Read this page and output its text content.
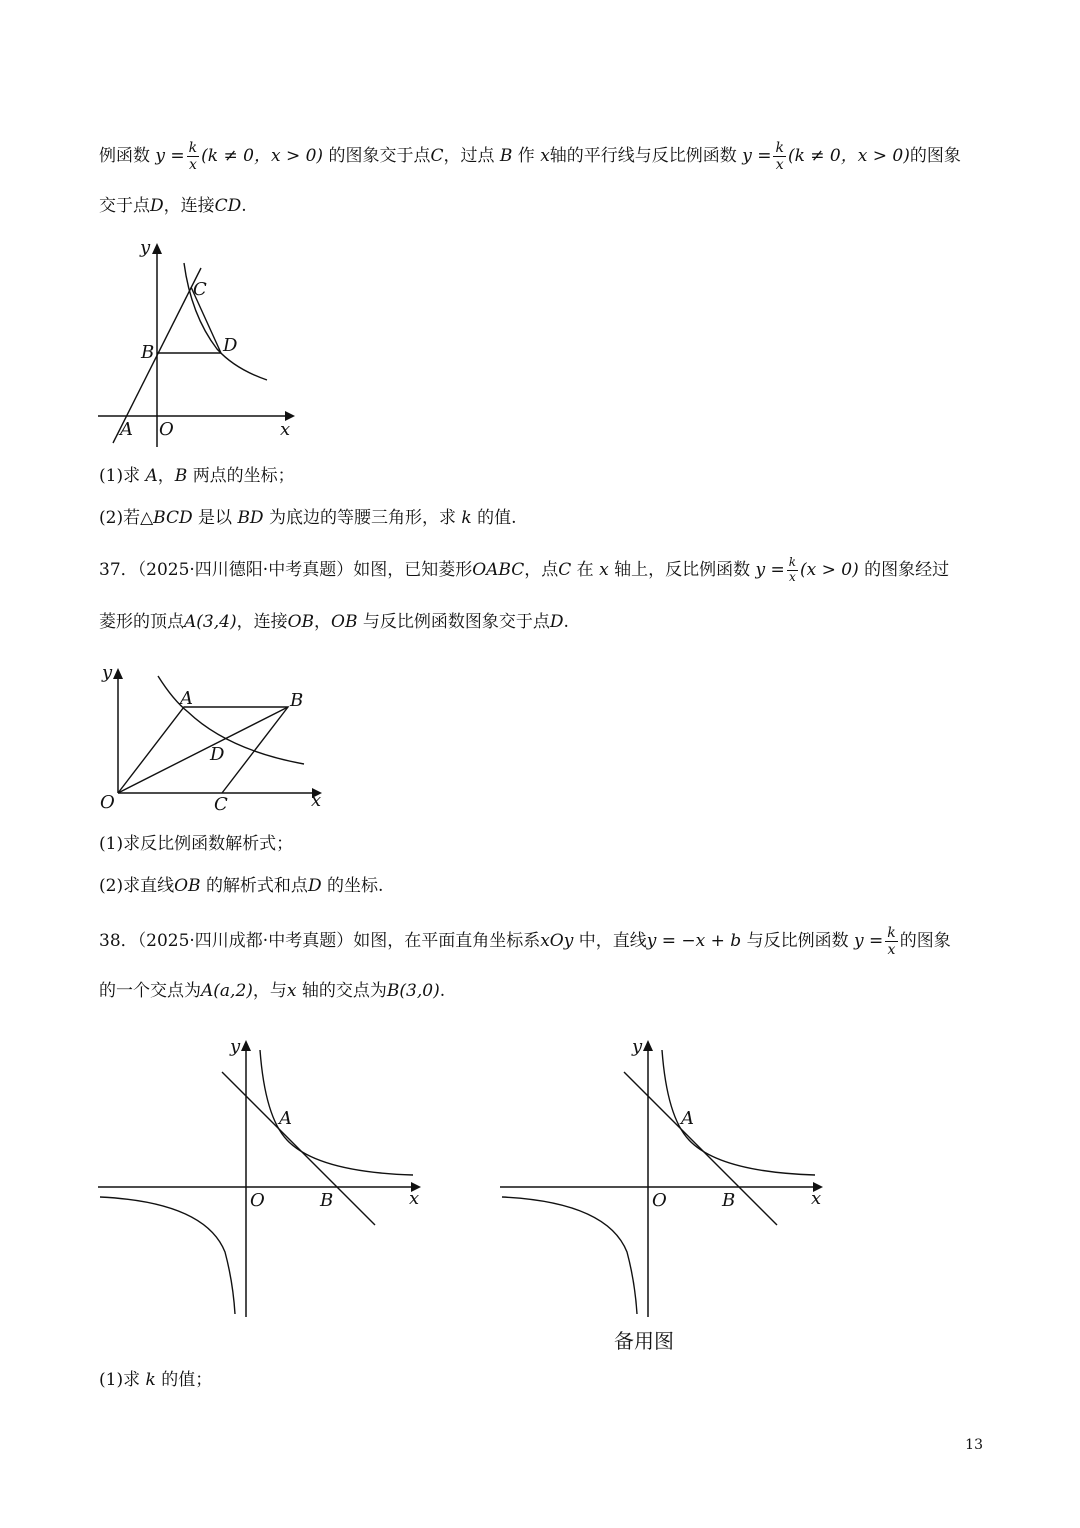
例函数 $y = \frac{k}{x} (k \ne 0$，x > 0) 的图象交于点C，过点 B 作 x轴的平行线与反比例函数 $y = \frac{k}{x} (k \ne 0$，x > 0)的图象
交于点D，连接CD.
y
x
O
A
B
C
D
(1)求 A，B 两点的坐标；
(2)若△BCD 是以 BD 为底边的等腰三角形，求 k 的值.
37．（2025·四川德阳·中考真题）如图，已知菱形OABC，点C 在 x 轴上，反比例函数 $y = \frac{k}{x} (x > 0)$ 的图象经过
菱形的顶点A(3,4)，连接OB，OB 与反比例函数图象交于点D.
y
x
O
A	B
C
D
(1)求反比例函数解析式；
(2)求直线OB 的解析式和点D 的坐标.
38．（2025·四川成都·中考真题）如图，在平面直角坐标系xOy 中，直线y = −x + b 与反比例函数 $y = \frac{k}{x}$ 的图象
的一个交点为A(a,2)，与x 轴的交点为B(3,0).
y
x
O	B
A
y
x
O	B
A
备用图
(1)求 k 的值；
13
